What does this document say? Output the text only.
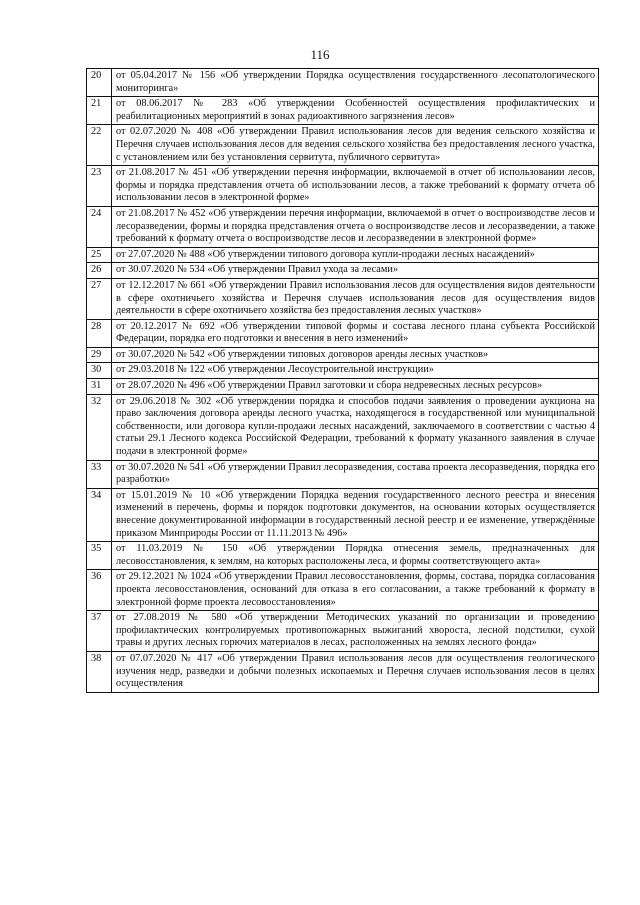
116
20	от 05.04.2017 № 156 «Об утверждении Порядка осуществления государственного лесопатологического мониторинга»
21	от 08.06.2017 № 283 «Об утверждении Особенностей осуществления профилактических и реабилитационных мероприятий в зонах радиоактивного загрязнения лесов»
22	от 02.07.2020 № 408 «Об утверждении Правил использования лесов для ведения сельского хозяйства и Перечня случаев использования лесов для ведения сельского хозяйства без предоставления лесного участка, с установлением или без установления сервитута, публичного сервитута»
23	от 21.08.2017 № 451 «Об утверждении перечня информации, включаемой в отчет об использовании лесов, формы и порядка представления отчета об использовании лесов, а также требований к формату отчета об использовании лесов в электронной форме»
24	от 21.08.2017 № 452 «Об утверждении перечня информации, включаемой в отчет о воспроизводстве лесов и лесоразведении, формы и порядка представления отчета о воспроизводстве лесов и лесоразведении, а также требований к формату отчета о воспроизводстве лесов и лесоразведении в электронной форме»
25	от 27.07.2020 № 488 «Об утверждении типового договора купли-продажи лесных насаждений»
26	от 30.07.2020 № 534 «Об утверждении Правил ухода за лесами»
27	от 12.12.2017 № 661 «Об утверждении Правил использования лесов для осуществления видов деятельности в сфере охотничьего хозяйства и Перечня случаев использования лесов для осуществления видов деятельности в сфере охотничьего хозяйства без предоставления лесных участков»
28	от 20.12.2017 № 692 «Об утверждении типовой формы и состава лесного плана субъекта Российской Федерации, порядка его подготовки и внесения в него изменений»
29	от 30.07.2020 № 542 «Об утверждении типовых договоров аренды лесных участков»
30	от 29.03.2018 № 122 «Об утверждении Лесоустроительной инструкции»
31	от 28.07.2020 № 496 «Об утверждении Правил заготовки и сбора недревесных лесных ресурсов»
32	от 29.06.2018 № 302 «Об утверждении порядка и способов подачи заявления о проведении аукциона на право заключения договора аренды лесного участка, находящегося в государственной или муниципальной собственности, или договора купли-продажи лесных насаждений, заключаемого в соответствии с частью 4 статьи 29.1 Лесного кодекса Российской Федерации, требований к формату указанного заявления в случае подачи в электронной форме»
33	от 30.07.2020 № 541 «Об утверждении Правил лесоразведения, состава проекта лесоразведения, порядка его разработки»
34	от 15.01.2019 № 10 «Об утверждении Порядка ведения государственного лесного реестра и внесения изменений в перечень, формы и порядок подготовки документов, на основании которых осуществляется внесение документированной информации в государственный лесной реестр и ее изменение, утверждённые приказом Минприроды России от 11.11.2013 № 496»
35	от 11.03.2019 № 150 «Об утверждении Порядка отнесения земель, предназначенных для лесовосстановления, к землям, на которых расположены леса, и формы соответствующего акта»
36	от 29.12.2021 № 1024 «Об утверждении Правил лесовосстановления, формы, состава, порядка согласования проекта лесовосстановления, оснований для отказа в его согласовании, а также требований к формату в электронной форме проекта лесовосстановления»
37	от 27.08.2019 № 580 «Об утверждении Методических указаний по организации и проведению профилактических контролируемых противопожарных выжиганий хвороста, лесной подстилки, сухой травы и других лесных горючих материалов в лесах, расположенных на землях лесного фонда»
38	от 07.07.2020 № 417 «Об утверждении Правил использования лесов для осуществления геологического изучения недр, разведки и добычи полезных ископаемых и Перечня случаев использования лесов в целях осуществления
